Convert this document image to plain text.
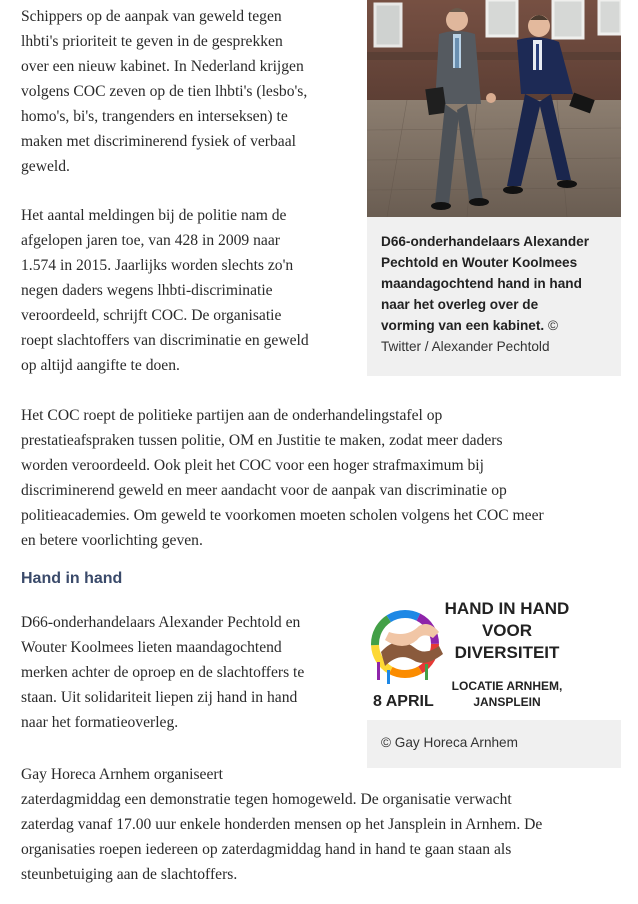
Schippers op de aanpak van geweld tegen
lhbti's prioriteit te geven in de gesprekken
over een nieuw kabinet. In Nederland krijgen
volgens COC zeven op de tien lhbti's (lesbo's,
homo's, bi's, trangenders en interseksen) te
maken met discriminerend fysiek of verbaal
geweld.
Het aantal meldingen bij de politie nam de
afgelopen jaren toe, van 428 in 2009 naar
1.574 in 2015. Jaarlijks worden slechts zo'n
negen daders wegens lhbti-discriminatie
veroordeeld, schrijft COC. De organisatie
roept slachtoffers van discriminatie en geweld
op altijd aangifte te doen.
D66-onderhandelaars Alexander
Pechtold en Wouter Koolmees
maandagochtend hand in hand
naar het overleg over de
vorming van een kabinet. ©
Twitter / Alexander Pechtold
Het COC roept de politieke partijen aan de onderhandelingstafel op
prestatieafspraken tussen politie, OM en Justitie te maken, zodat meer daders
worden veroordeeld. Ook pleit het COC voor een hoger strafmaximum bij
discriminerend geweld en meer aandacht voor de aanpak van discriminatie op
politieacademies. Om geweld te voorkomen moeten scholen volgens het COC meer
en betere voorlichting geven.
Hand in hand
D66-onderhandelaars Alexander Pechtold en
Wouter Koolmees lieten maandagochtend
merken achter de oproep en de slachtoffers te
staan. Uit solidariteit liepen zij hand in hand
naar het formatieoverleg.
8 APRIL
HAND IN HAND
VOOR
DIVERSITEIT
LOCATIE ARNHEM,
JANSPLEIN
© Gay Horeca Arnhem
Gay Horeca Arnhem organiseert
zaterdagmiddag een demonstratie tegen homogeweld. De organisatie verwacht
zaterdag vanaf 17.00 uur enkele honderden mensen op het Jansplein in Arnhem. De
organisaties roepen iedereen op zaterdagmiddag hand in hand te gaan staan als
steunbetuiging aan de slachtoffers.
